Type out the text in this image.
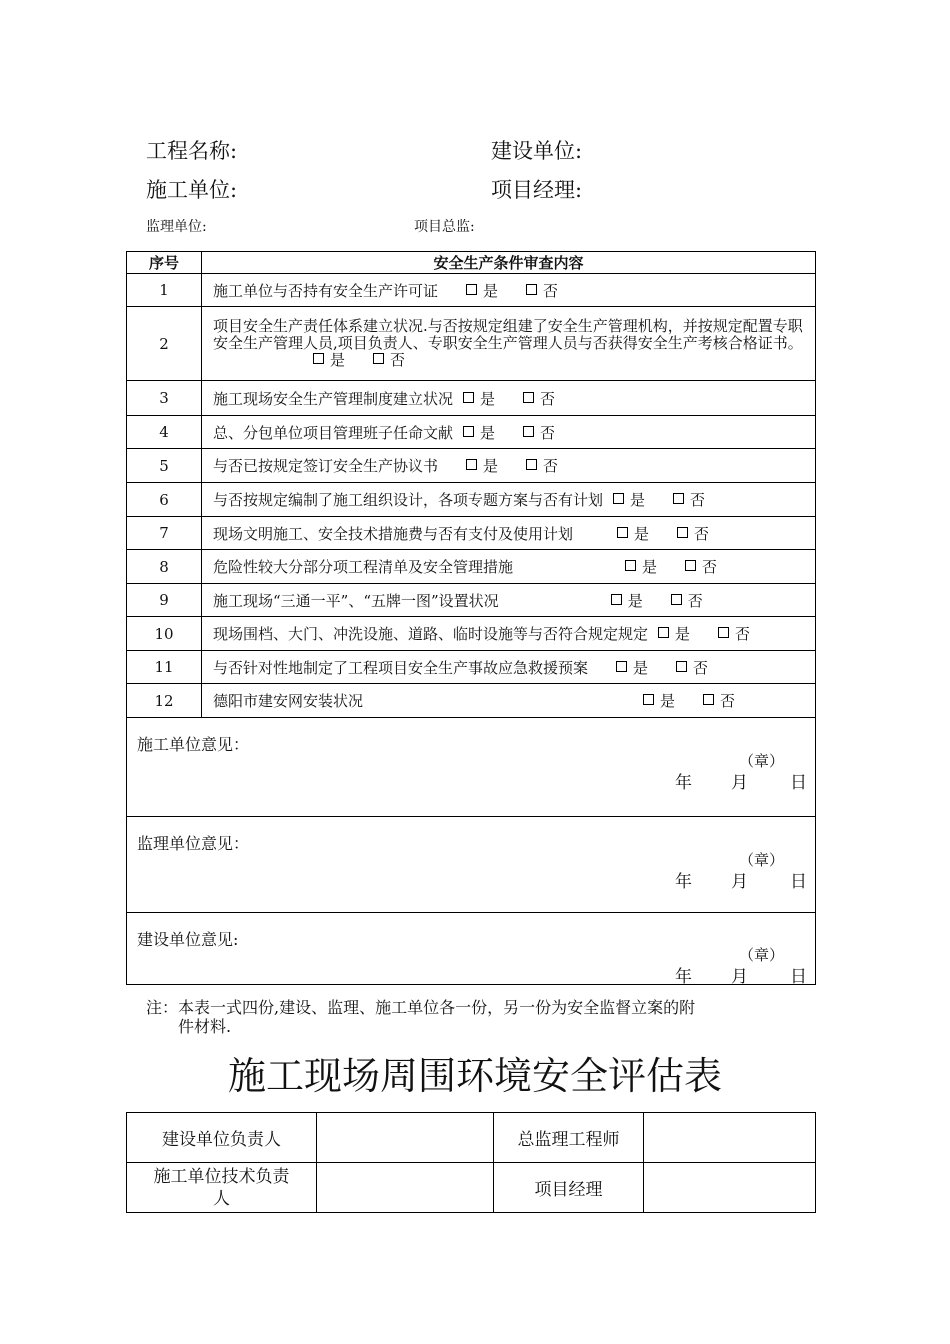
工程名称:	建设单位:
施工单位:	项目经理:
监理单位:	项目总监:
序号	安全生产条件审查内容
1	施工单位与否持有安全生产许可证 是 否
2	项目安全生产责任体系建立状况.与否按规定组建了安全生产管理机构，并按规定配置专职安全生产管理人员,项目负责人、专职安全生产管理人员与否获得安全生产考核合格证书。是 否
3	施工现场安全生产管理制度建立状况 是 否
4	总、分包单位项目管理班子任命文献 是 否
5	与否已按规定签订安全生产协议书 是 否
6	与否按规定编制了施工组织设计，各项专题方案与否有计划 是 否
7	现场文明施工、安全技术措施费与否有支付及使用计划 是 否
8	危险性较大分部分项工程清单及安全管理措施 是 否
9	施工现场“三通一平”、“五牌一图”设置状况 是 否
10	现场围档、大门、冲洗设施、道路、临时设施等与否符合规定规定 是 否
11	与否针对性地制定了工程项目安全生产事故应急救援预案 是 否
12	德阳市建安网安装状况 是 否

施工单位意见：
（章）
年 月 日	

监理单位意见：
（章）
年 月 日	

建设单位意见:
（章）
年 月 日	
注：本表一式四份,建设、监理、施工单位各一份，另一份为安全监督立案的附
件材料.
施工现场周围环境安全评估表
建设单位负责人		总监理工程师	
施工单位技术负责
人		项目经理	
